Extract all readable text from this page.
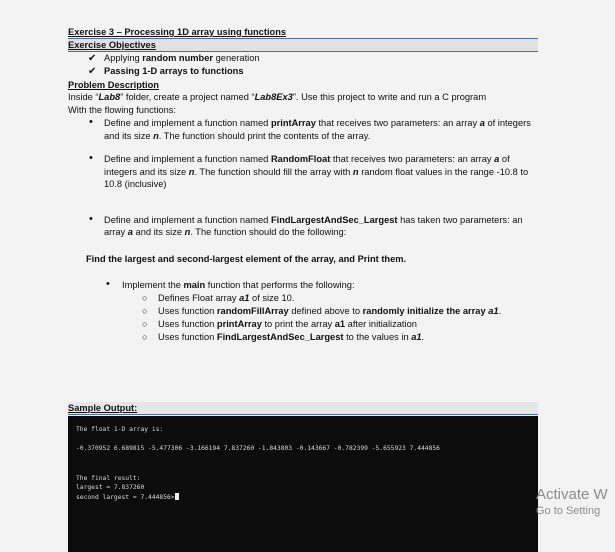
Exercise 3 – Processing 1D array using functions
Exercise Objectives
✔ Applying random number generation
✔ Passing 1-D arrays to functions
Problem Description

Inside “Lab8” folder, create a project named “Lab8Ex3”. Use this project to write and run a C program

With the flowing functions:

• Define and implement a function named printArray that receives two parameters: an array a of integers and its size n. The function should print the contents of the array.
• Define and implement a function named RandomFloat that receives two parameters: an array a of integers and its size n. The function should fill the array with n random float values in the range -10.8 to 10.8 (inclusive)
• Define and implement a function named FindLargestAndSec_Largest has taken two parameters: an array a and its size n. The function should do the following:
Find the largest and second-largest element of the array, and Print them.
• Implement the main function that performs the following:
○ Defines Float array a1 of size 10.
○ Uses function randomFillArray defined above to randomly initialize the array a1.
○ Uses function printArray to print the array a1 after initialization
○ Uses function FindLargestAndSec_Largest to the values in a1.
Sample Output:
The float 1-D array is:
-0.370952 6.689815 -5.477306 -3.166194 7.837260 -1.843803 -0.143667 -0.782399 -5.655923 7.444856
The final result:
largest = 7.837260
second largest = 7.444856>	Activate W
Go to Setting
